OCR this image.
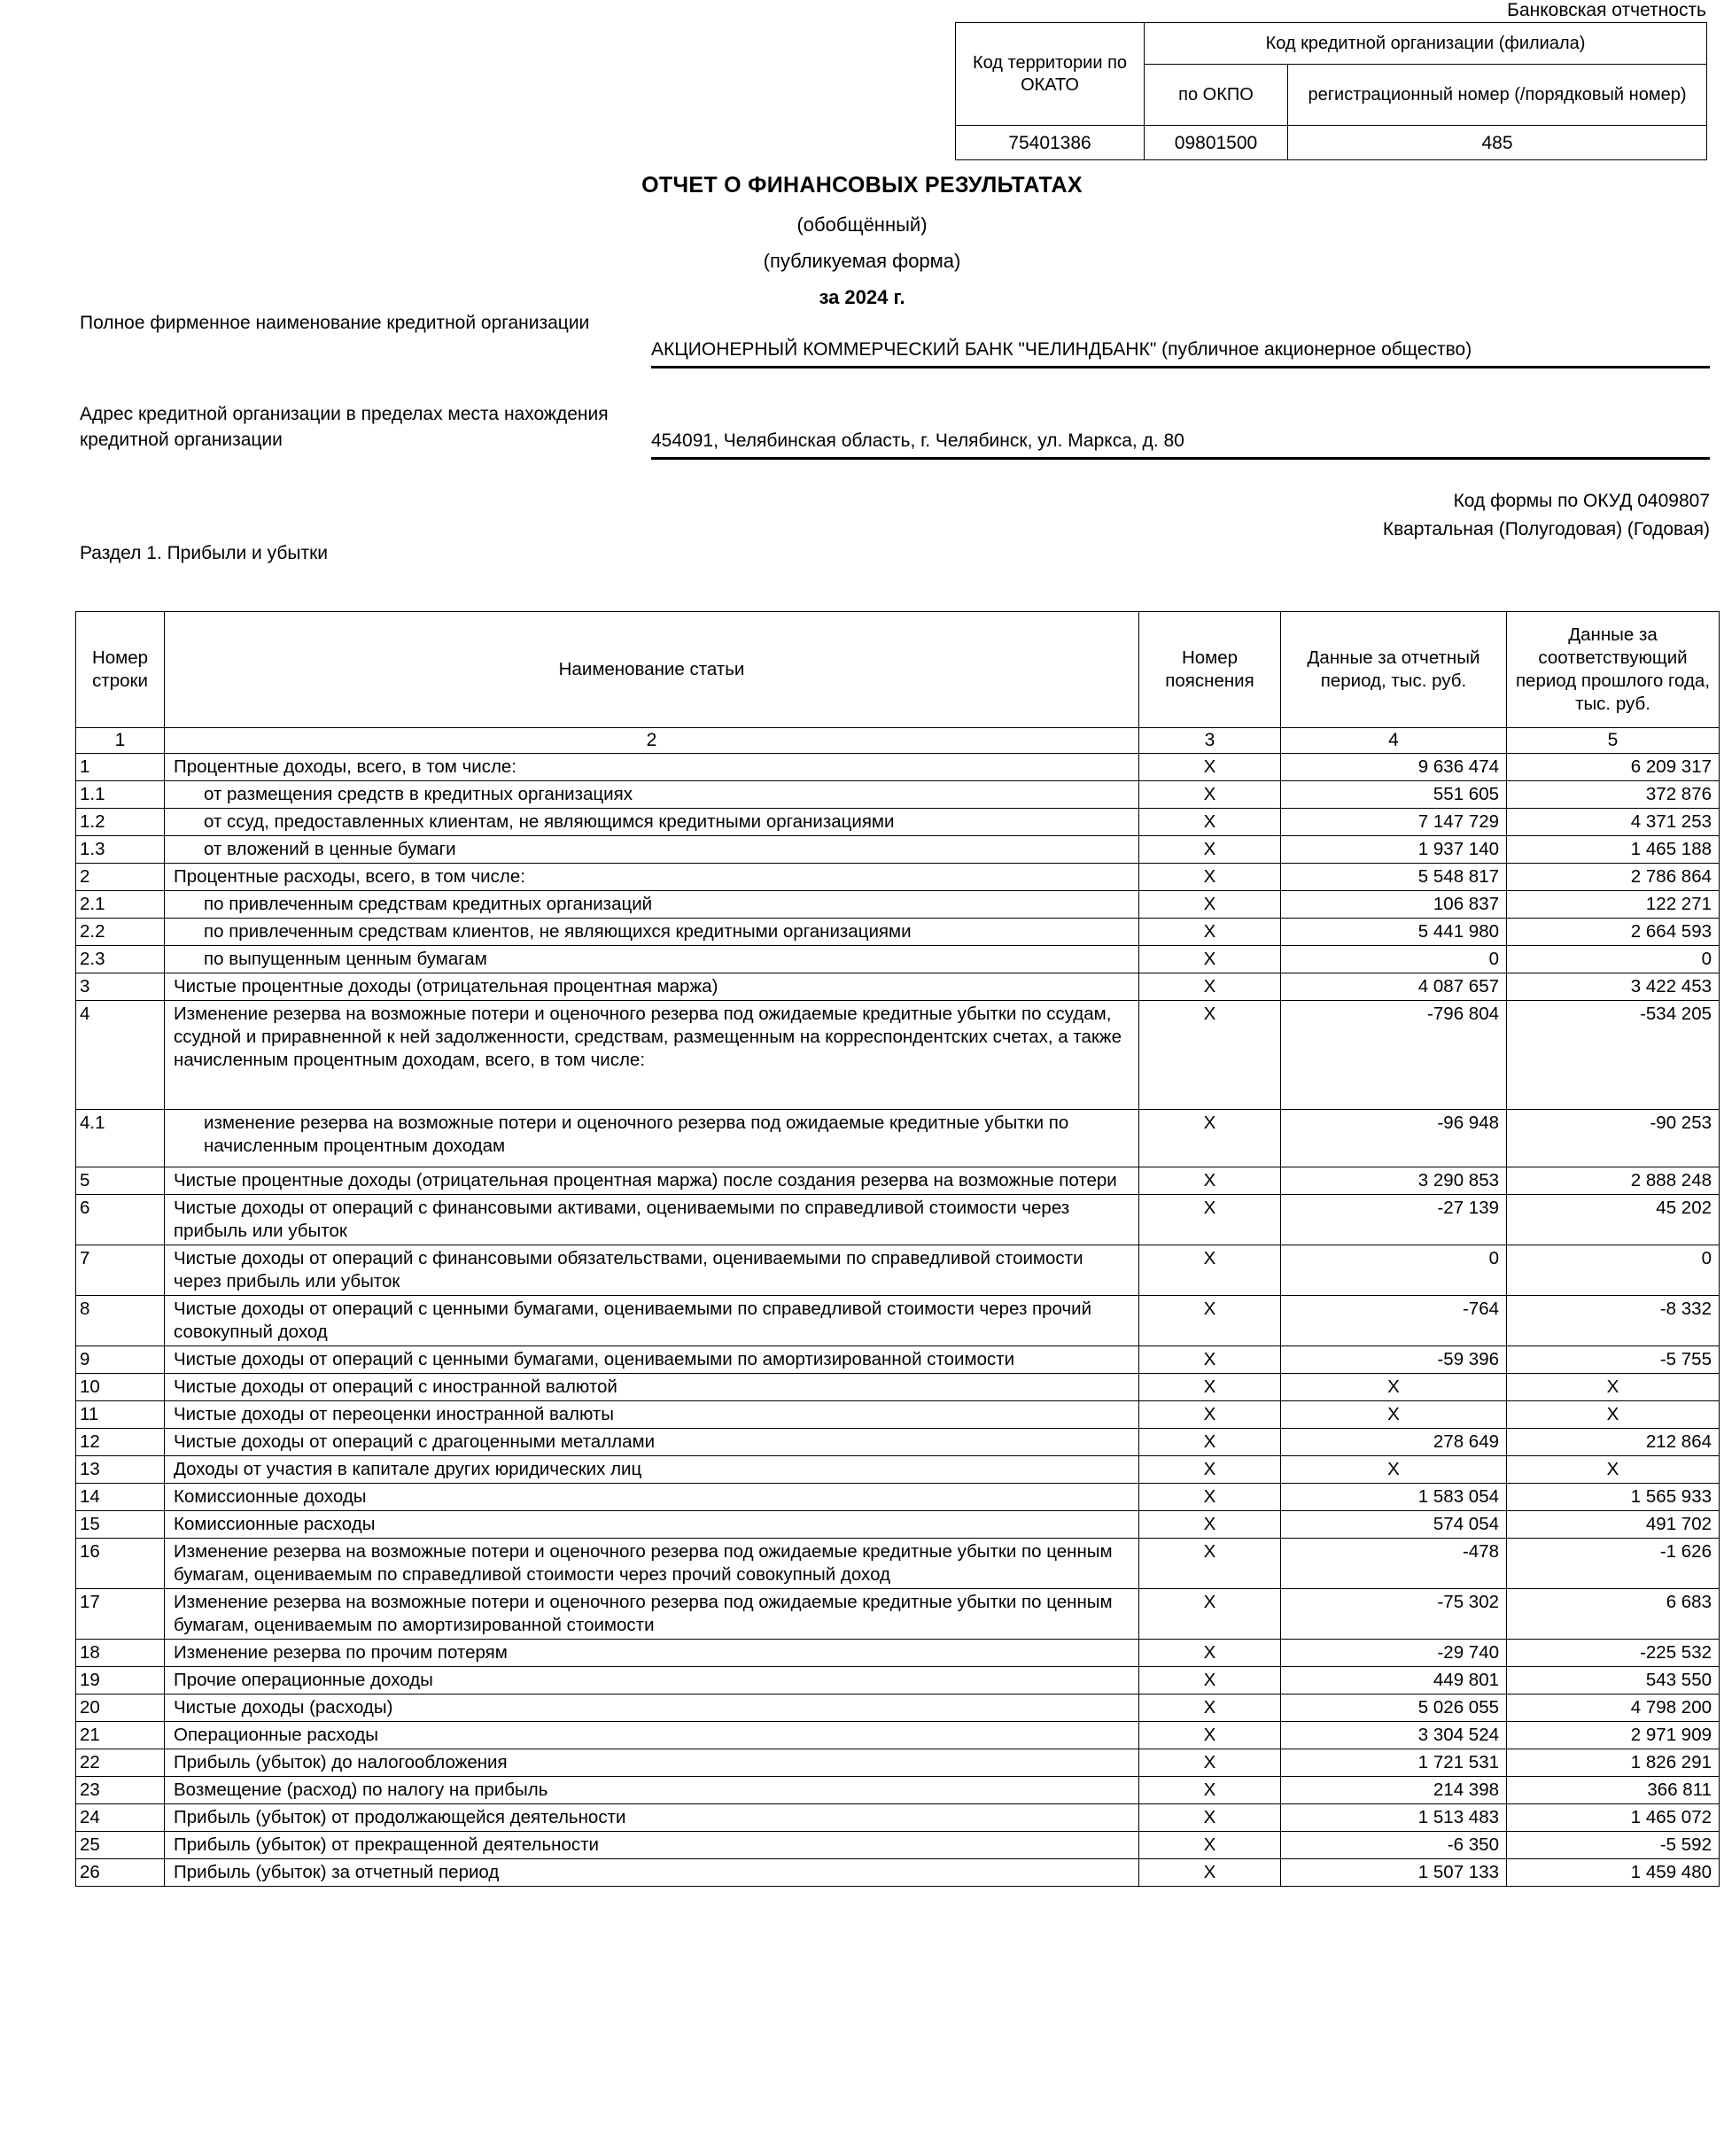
Банковская отчетность
Код территории по ОКАТО	Код кредитной организации (филиала)	
	по ОКПО	регистрационный номер (/порядковый номер)
75401386	09801500	485
ОТЧЕТ О ФИНАНСОВЫХ РЕЗУЛЬТАТАХ
(обобщённый)
(публикуемая форма)
за 2024 г.
Полное фирменное наименование кредитной организации
АКЦИОНЕРНЫЙ КОММЕРЧЕСКИЙ БАНК "ЧЕЛИНДБАНК" (публичное акционерное общество)
Адрес кредитной организации в пределах места нахождения кредитной организации	454091, Челябинская область, г. Челябинск, ул. Маркса, д. 80
Код формы по ОКУД 0409807
Квартальная (Полугодовая) (Годовая)
Раздел 1. Прибыли и убытки
Номер строки	Наименование статьи	Номер пояснения	Данные за отчетный период, тыс. руб.	Данные за соответствующий период прошлого года, тыс. руб.
1	2	3	4	5
1	Процентные доходы, всего, в том числе:	X	9 636 474	6 209 317
1.1	от размещения средств в кредитных организациях	X	551 605	372 876
1.2	от ссуд, предоставленных клиентам, не являющимся кредитными организациями	X	7 147 729	4 371 253
1.3	от вложений в ценные бумаги	X	1 937 140	1 465 188
2	Процентные расходы, всего, в том числе:	X	5 548 817	2 786 864
2.1	по привлеченным средствам кредитных организаций	X	106 837	122 271
2.2	по привлеченным средствам клиентов, не являющихся кредитными организациями	X	5 441 980	2 664 593
2.3	по выпущенным ценным бумагам	X	0	0
3	Чистые процентные доходы (отрицательная процентная маржа)	X	4 087 657	3 422 453
4	Изменение резерва на возможные потери и оценочного резерва под ожидаемые кредитные убытки по ссудам, ссудной и приравненной к ней задолженности, средствам, размещенным на корреспондентских счетах, а также начисленным процентным доходам, всего, в том числе:	X	-796 804	-534 205
4.1	изменение резерва на возможные потери и оценочного резерва под ожидаемые кредитные убытки по начисленным процентным доходам	X	-96 948	-90 253
5	Чистые процентные доходы (отрицательная процентная маржа) после создания резерва на возможные потери	X	3 290 853	2 888 248
6	Чистые доходы от операций с финансовыми активами, оцениваемыми по справедливой стоимости через прибыль или убыток	X	-27 139	45 202
7	Чистые доходы от операций с финансовыми обязательствами, оцениваемыми по справедливой стоимости через прибыль или убыток	X	0	0
8	Чистые доходы от операций с ценными бумагами, оцениваемыми по справедливой стоимости через прочий совокупный доход	X	-764	-8 332
9	Чистые доходы от операций с ценными бумагами, оцениваемыми по амортизированной стоимости	X	-59 396	-5 755
10	Чистые доходы от операций с иностранной валютой	X	X	X
11	Чистые доходы от переоценки иностранной валюты	X	X	X
12	Чистые доходы от операций с драгоценными металлами	X	278 649	212 864
13	Доходы от участия в капитале других юридических лиц	X	X	X
14	Комиссионные доходы	X	1 583 054	1 565 933
15	Комиссионные расходы	X	574 054	491 702
16	Изменение резерва на возможные потери и оценочного резерва под ожидаемые кредитные убытки по ценным бумагам, оцениваемым по справедливой стоимости через прочий совокупный доход	X	-478	-1 626
17	Изменение резерва на возможные потери и оценочного резерва под ожидаемые кредитные убытки по ценным бумагам, оцениваемым по амортизированной стоимости	X	-75 302	6 683
18	Изменение резерва по прочим потерям	X	-29 740	-225 532
19	Прочие операционные доходы	X	449 801	543 550
20	Чистые доходы (расходы)	X	5 026 055	4 798 200
21	Операционные расходы	X	3 304 524	2 971 909
22	Прибыль (убыток) до налогообложения	X	1 721 531	1 826 291
23	Возмещение (расход) по налогу на прибыль	X	214 398	366 811
24	Прибыль (убыток) от продолжающейся деятельности	X	1 513 483	1 465 072
25	Прибыль (убыток) от прекращенной деятельности	X	-6 350	-5 592
26	Прибыль (убыток) за отчетный период	X	1 507 133	1 459 480
